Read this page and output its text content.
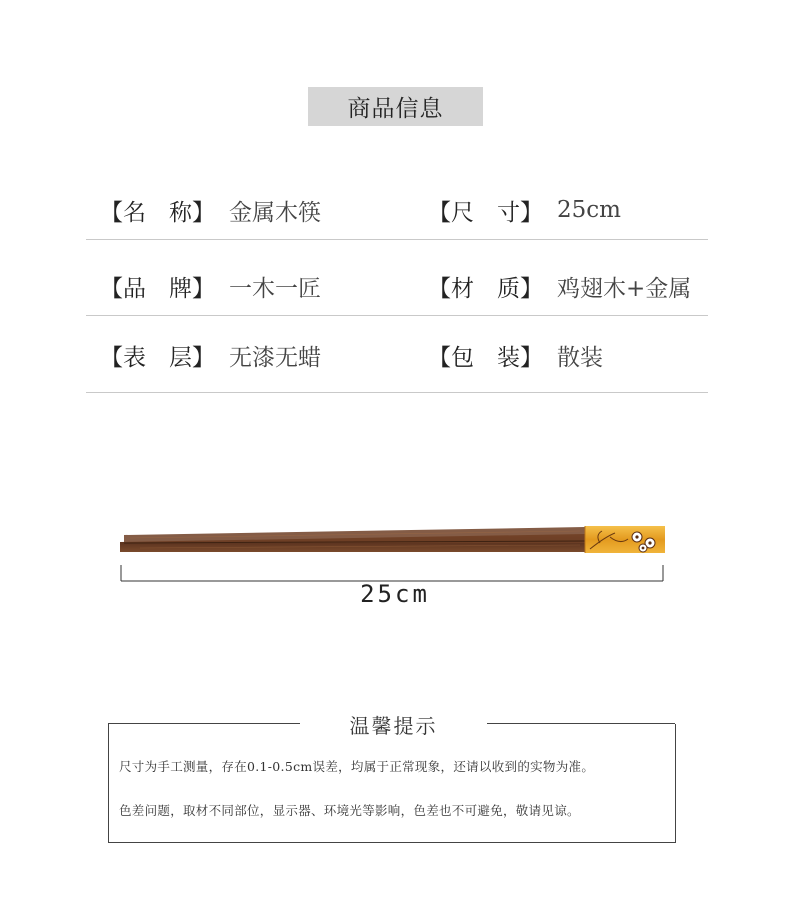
商品信息
【名　称】 金属木筷	【尺　寸】 25cm
【品　牌】 一木一匠	【材　质】 鸡翅木+金属
【表　层】 无漆无蜡	【包　装】 散装
25cm
温馨提示
尺寸为手工测量，存在0.1-0.5cm误差，均属于正常现象，还请以收到的实物为准。
色差问题，取材不同部位，显示器、环境光等影响，色差也不可避免，敬请见谅。
